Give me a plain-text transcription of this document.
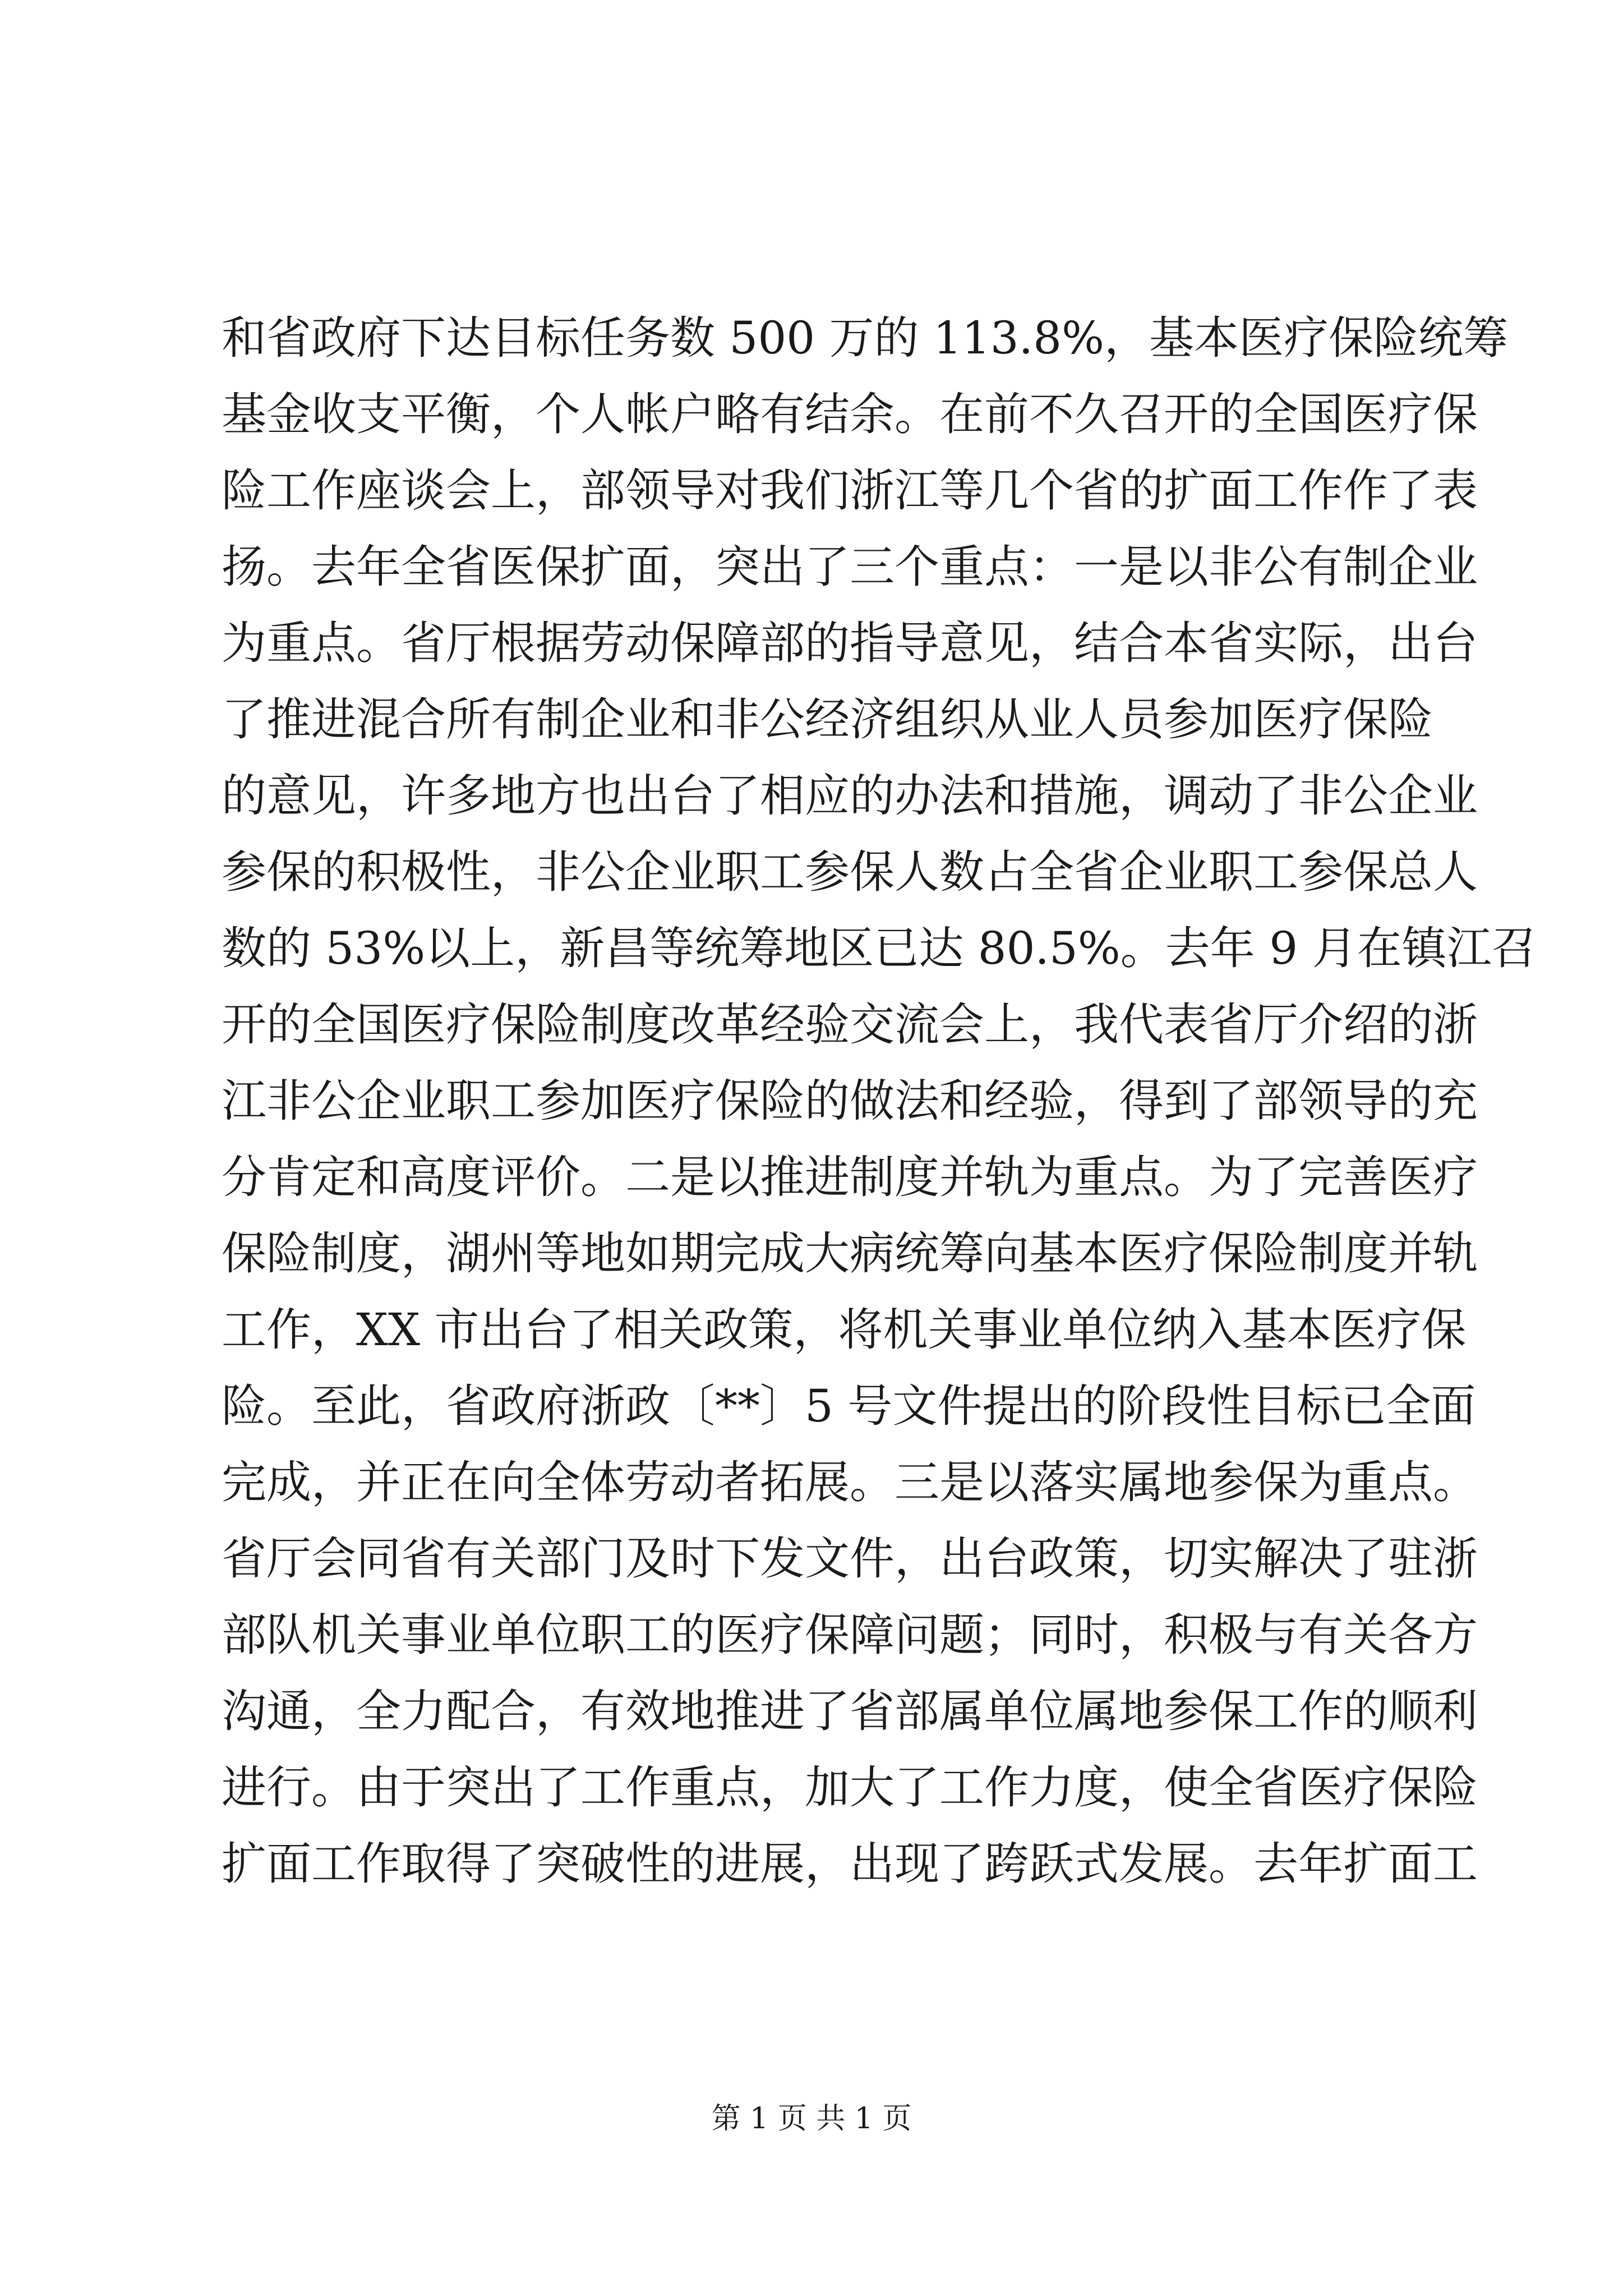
和省政府下达目标任务数 500 万的 113.8%，基本医疗保险统筹
基金收支平衡，个人帐户略有结余。在前不久召开的全国医疗保
险工作座谈会上，部领导对我们浙江等几个省的扩面工作作了表
扬。去年全省医保扩面，突出了三个重点：一是以非公有制企业
为重点。省厅根据劳动保障部的指导意见，结合本省实际，出台
了推进混合所有制企业和非公经济组织从业人员参加医疗保险
的意见，许多地方也出台了相应的办法和措施，调动了非公企业
参保的积极性，非公企业职工参保人数占全省企业职工参保总人
数的 53%以上，新昌等统筹地区已达 80.5%。去年 9 月在镇江召
开的全国医疗保险制度改革经验交流会上，我代表省厅介绍的浙
江非公企业职工参加医疗保险的做法和经验，得到了部领导的充
分肯定和高度评价。二是以推进制度并轨为重点。为了完善医疗
保险制度，湖州等地如期完成大病统筹向基本医疗保险制度并轨
工作，XX 市出台了相关政策，将机关事业单位纳入基本医疗保
险。至此，省政府浙政〔**〕5 号文件提出的阶段性目标已全面
完成，并正在向全体劳动者拓展。三是以落实属地参保为重点。
省厅会同省有关部门及时下发文件，出台政策，切实解决了驻浙
部队机关事业单位职工的医疗保障问题；同时，积极与有关各方
沟通，全力配合，有效地推进了省部属单位属地参保工作的顺利
进行。由于突出了工作重点，加大了工作力度，使全省医疗保险
扩面工作取得了突破性的进展，出现了跨跃式发展。去年扩面工
第 1 页 共 1 页
